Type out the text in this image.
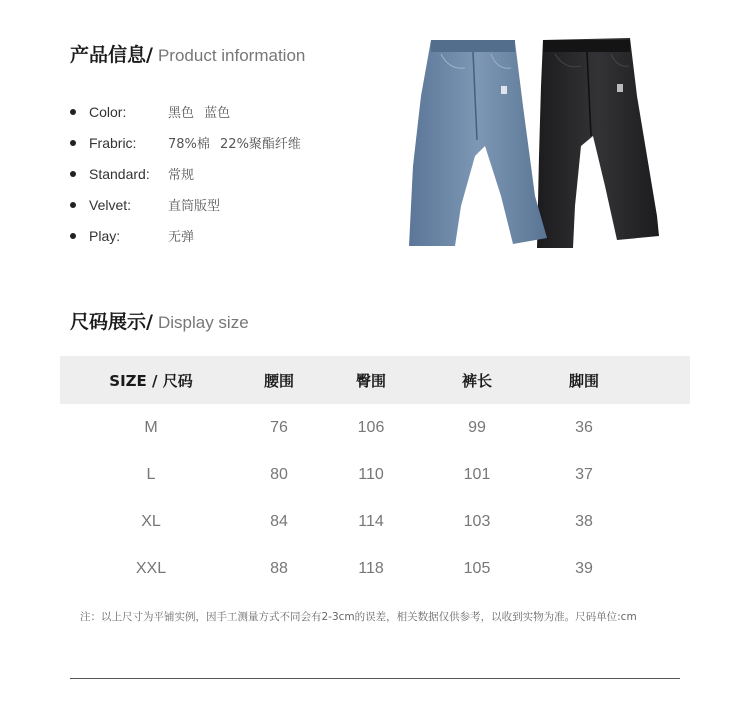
产品信息/ Product information
Color:	黑色 蓝色
Frabric:	78%棉 22%聚酯纤维
Standard:	常规
Velvet:	直筒版型
Play:	无弹
尺码展示/ Display size
SIZE / 尺码	腰围	臀围	裤长	脚围
M	76	106	99	36
L	80	110	101	37
XL	84	114	103	38
XXL	88	118	105	39
注：以上尺寸为平铺实例，因手工测量方式不同会有2-3cm的误差，相关数据仅供参考，以收到实物为准。尺码单位:cm
